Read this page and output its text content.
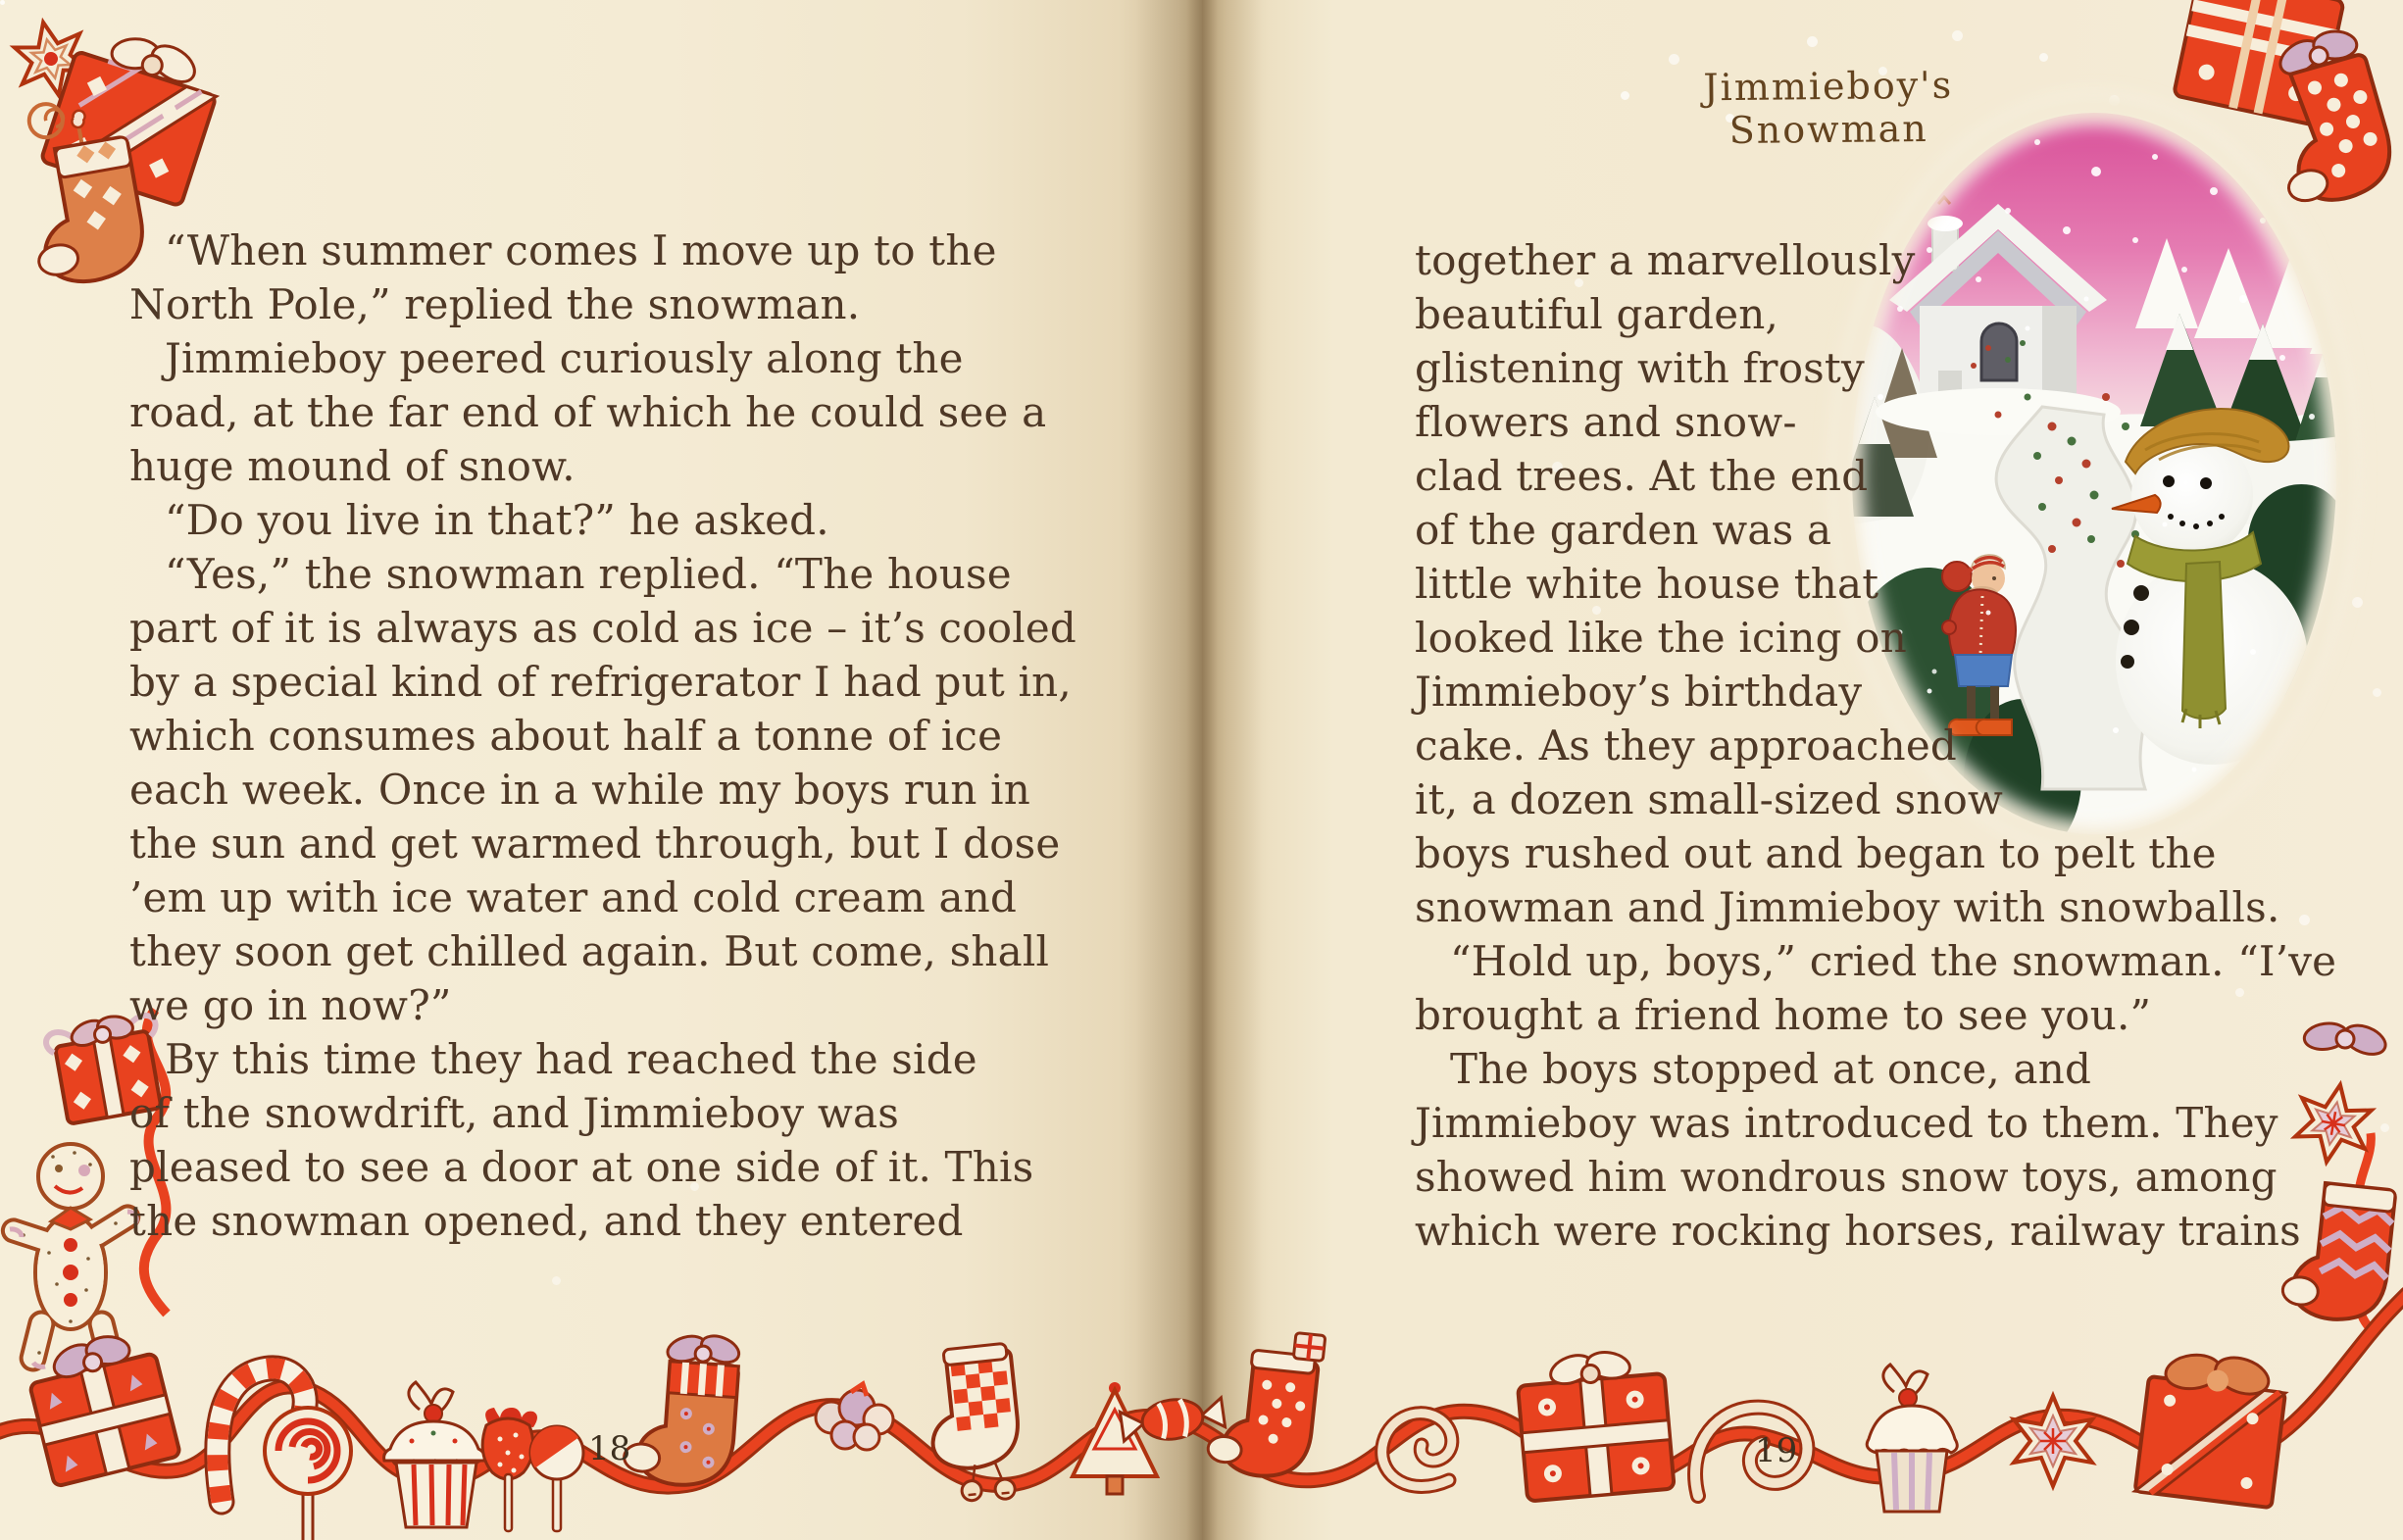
Jimmieboy's Snowman
“When summer comes I move up to the
North Pole,” replied the snowman.
Jimmieboy peered curiously along the
road, at the far end of which he could see a
huge mound of snow.
“Do you live in that?” he asked.
“Yes,” the snowman replied. “The house
part of it is always as cold as ice – it’s cooled
by a special kind of refrigerator I had put in,
which consumes about half a tonne of ice
each week. Once in a while my boys run in
the sun and get warmed through, but I dose
’em up with ice water and cold cream and
they soon get chilled again. But come, shall
we go in now?”
By this time they had reached the side
of the snowdrift, and Jimmieboy was
pleased to see a door at one side of it. This
the snowman opened, and they entered
together a marvellously
beautiful garden,
glistening with frosty
flowers and snow-
clad trees. At the end
of the garden was a
little white house that
looked like the icing on
Jimmieboy’s birthday
cake. As they approached
it, a dozen small-sized snow
boys rushed out and began to pelt the
snowman and Jimmieboy with snowballs.
“Hold up, boys,” cried the snowman. “I’ve
brought a friend home to see you.”
The boys stopped at once, and
Jimmieboy was introduced to them. They
showed him wondrous snow toys, among
which were rocking horses, railway trains
18	19
